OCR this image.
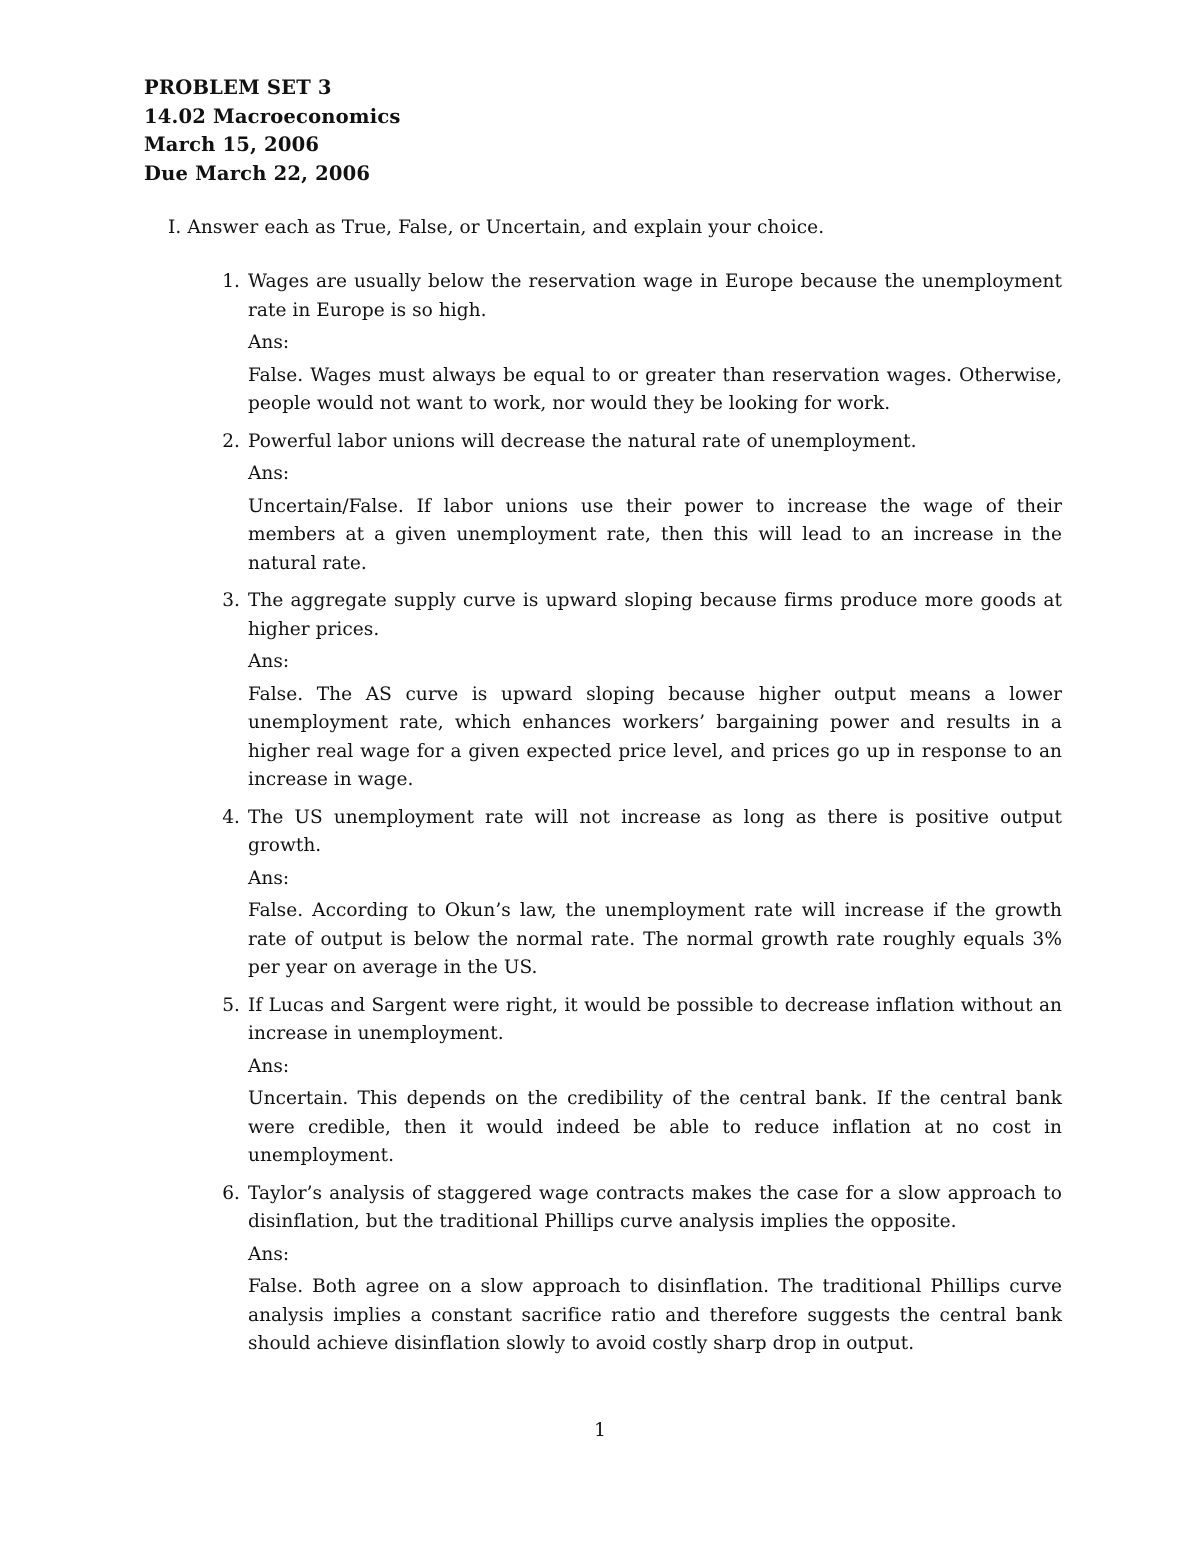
PROBLEM SET 3
14.02 Macroeconomics
March 15, 2006
Due March 22, 2006
I. Answer each as True, False, or Uncertain, and explain your choice.
1. Wages are usually below the reservation wage in Europe because the unemployment rate in Europe is so high.
Ans:
False. Wages must always be equal to or greater than reservation wages. Otherwise, people would not want to work, nor would they be looking for work.
2. Powerful labor unions will decrease the natural rate of unemployment.
Ans:
Uncertain/False. If labor unions use their power to increase the wage of their members at a given unemployment rate, then this will lead to an increase in the natural rate.
3. The aggregate supply curve is upward sloping because firms produce more goods at higher prices.
Ans:
False. The AS curve is upward sloping because higher output means a lower unemployment rate, which enhances workers’ bargaining power and results in a higher real wage for a given expected price level, and prices go up in response to an increase in wage.
4. The US unemployment rate will not increase as long as there is positive output growth.
Ans:
False. According to Okun’s law, the unemployment rate will increase if the growth rate of output is below the normal rate. The normal growth rate roughly equals 3% per year on average in the US.
5. If Lucas and Sargent were right, it would be possible to decrease inflation without an increase in unemployment.
Ans:
Uncertain. This depends on the credibility of the central bank. If the central bank were credible, then it would indeed be able to reduce inflation at no cost in unemployment.
6. Taylor’s analysis of staggered wage contracts makes the case for a slow approach to disinflation, but the traditional Phillips curve analysis implies the opposite.
Ans:
False. Both agree on a slow approach to disinflation. The traditional Phillips curve analysis implies a constant sacrifice ratio and therefore suggests the central bank should achieve disinflation slowly to avoid costly sharp drop in output.
1
